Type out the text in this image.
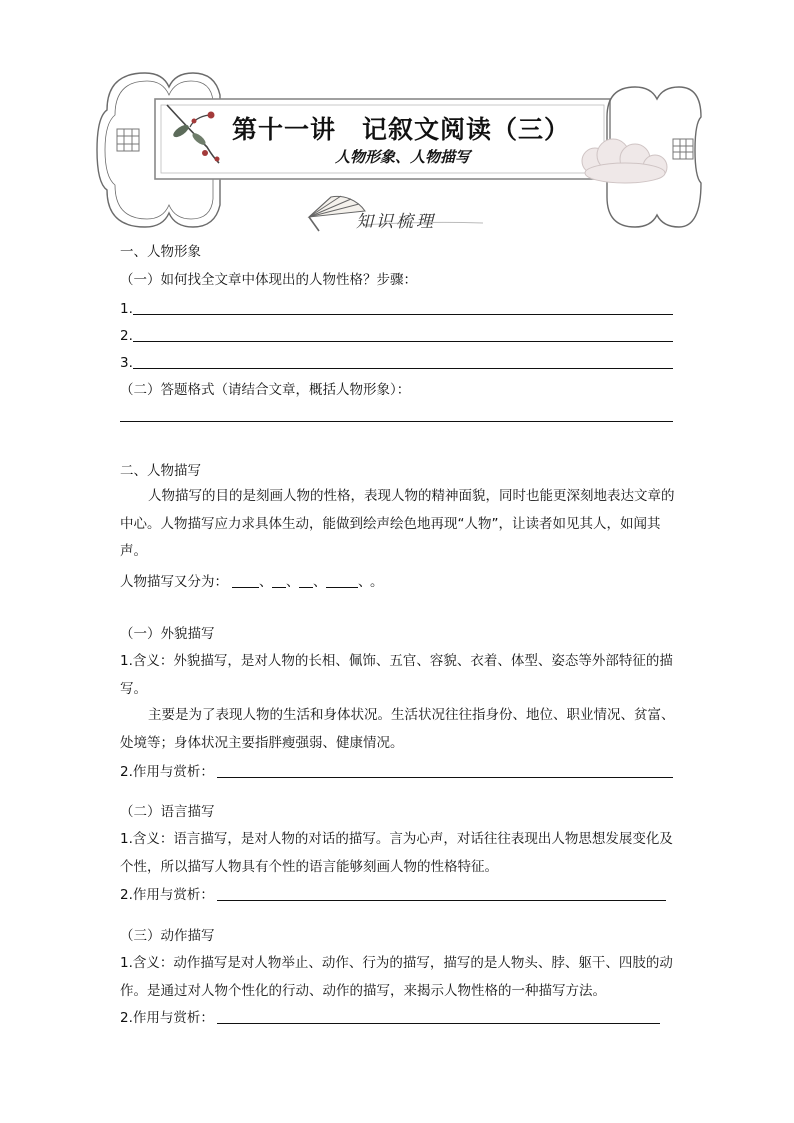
第十一讲　记叙文阅读（三）
人物形象、人物描写
知识梳理
一、人物形象
（一）如何找全文章中体现出的人物性格？步骤：
1.
2.
3.
（二）答题格式（请结合文章，概括人物形象）：
二、人物描写
人物描写的目的是刻画人物的性格，表现人物的精神面貌，同时也能更深刻地表达文章的中心。人物描写应力求具体生动，能做到绘声绘色地再现“人物”，让读者如见其人，如闻其声。
人物描写又分为： 、 、 、 、
。
（一）外貌描写
1.含义：外貌描写，是对人物的长相、佩饰、五官、容貌、衣着、体型、姿态等外部特征的描写。
主要是为了表现人物的生活和身体状况。生活状况往往指身份、地位、职业情况、贫富、处境等；身体状况主要指胖瘦强弱、健康情况。
2.作用与赏析：
（二）语言描写
1.含义：语言描写，是对人物的对话的描写。言为心声，对话往往表现出人物思想发展变化及个性，所以描写人物具有个性的语言能够刻画人物的性格特征。
2.作用与赏析：
（三）动作描写
1.含义：动作描写是对人物举止、动作、行为的描写，描写的是人物头、脖、躯干、四肢的动作。是通过对人物个性化的行动、动作的描写，来揭示人物性格的一种描写方法。
2.作用与赏析：
